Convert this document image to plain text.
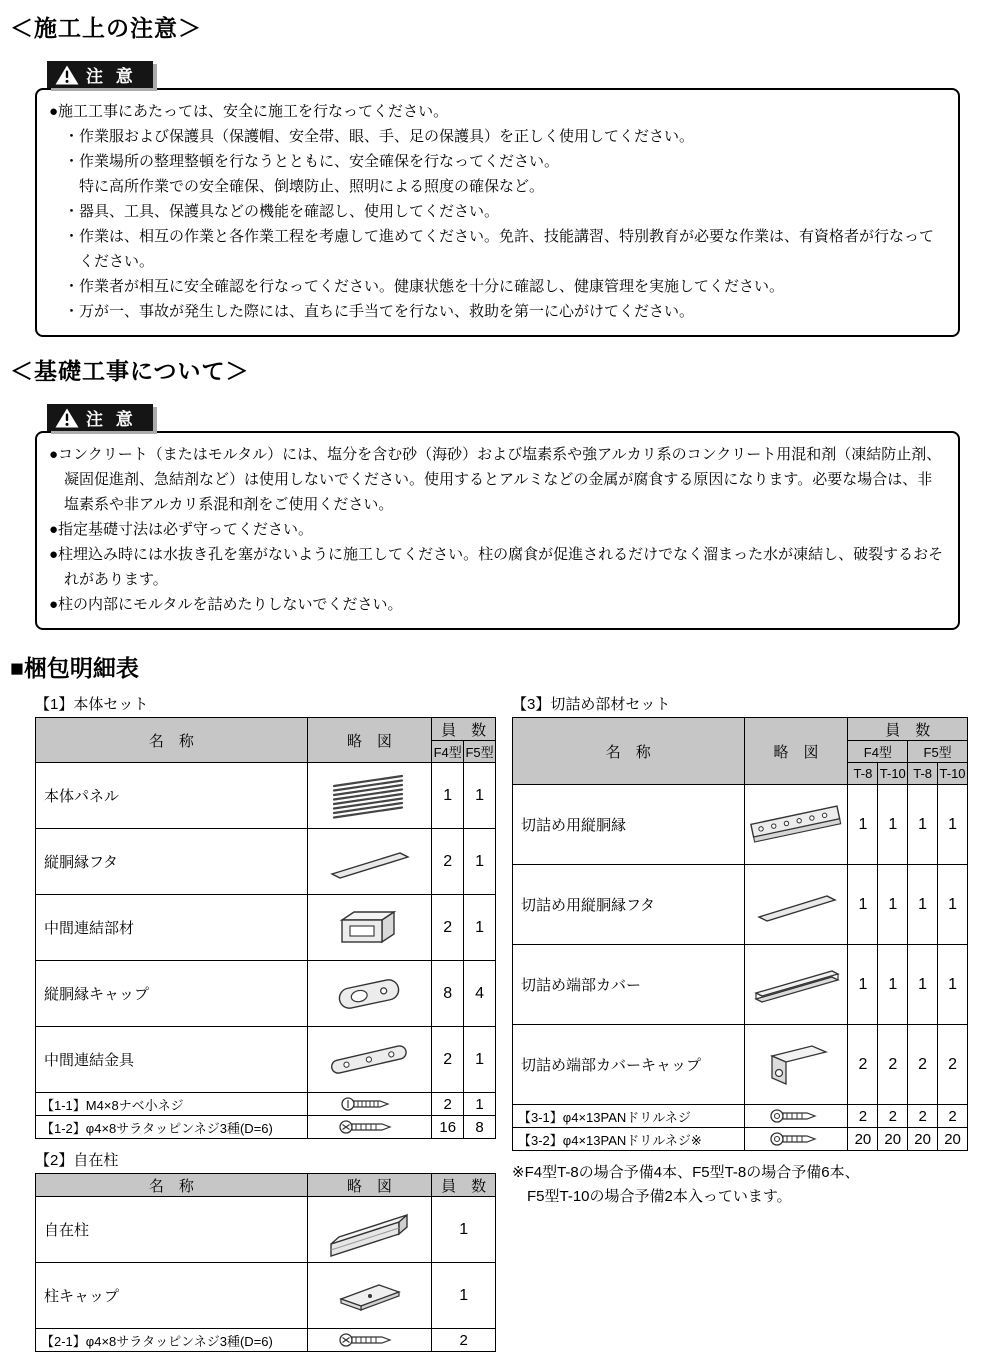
＜施工上の注意＞
注 意
●施工工事にあたっては、安全に施工を行なってください。
・作業服および保護具（保護帽、安全帯、眼、手、足の保護具）を正しく使用してください。
・作業場所の整理整頓を行なうとともに、安全確保を行なってください。
特に高所作業での安全確保、倒壊防止、照明による照度の確保など。
・器具、工具、保護具などの機能を確認し、使用してください。
・作業は、相互の作業と各作業工程を考慮して進めてください。免許、技能講習、特別教育が必要な作業は、有資格者が行なってください。
・作業者が相互に安全確認を行なってください。健康状態を十分に確認し、健康管理を実施してください。
・万が一、事故が発生した際には、直ちに手当てを行ない、救助を第一に心がけてください。
＜基礎工事について＞
注 意
●コンクリート（またはモルタル）には、塩分を含む砂（海砂）および塩素系や強アルカリ系のコンクリート用混和剤（凍結防止剤、凝固促進剤、急結剤など）は使用しないでください。使用するとアルミなどの金属が腐食する原因になります。必要な場合は、非塩素系や非アルカリ系混和剤をご使用ください。
●指定基礎寸法は必ず守ってください。
●柱埋込み時には水抜き孔を塞がないように施工してください。柱の腐食が促進されるだけでなく溜まった水が凍結し、破裂するおそれがあります。
●柱の内部にモルタルを詰めたりしないでください。
■梱包明細表
【1】本体セット
名　称	略　図	員　数	
		F4型	F5型
本体パネル		1	1
縦胴縁フタ		2	1
中間連結部材		2	1
縦胴縁キャップ		8	4
中間連結金具		2	1
【1-1】M4×8ナベ小ネジ		2	1
【1-2】φ4×8サラタッピンネジ3種(D=6)		16	8
【2】自在柱
名　称	略　図	員　数
自在柱		1
柱キャップ		1
【2-1】φ4×8サラタッピンネジ3種(D=6)		2
【3】切詰め部材セット
名　称	略　図	員　数			
		F4型		F5型	
		T-8	T-10	T-8	T-10
切詰め用縦胴縁		1	1	1	1
切詰め用縦胴縁フタ		1	1	1	1
切詰め端部カバー		1	1	1	1
切詰め端部カバーキャップ		2	2	2	2
【3-1】φ4×13PANドリルネジ		2	2	2	2
【3-2】φ4×13PANドリルネジ※		20	20	20	20
※F4型T-8の場合予備4本、F5型T-8の場合予備6本、
　F5型T-10の場合予備2本入っています。
